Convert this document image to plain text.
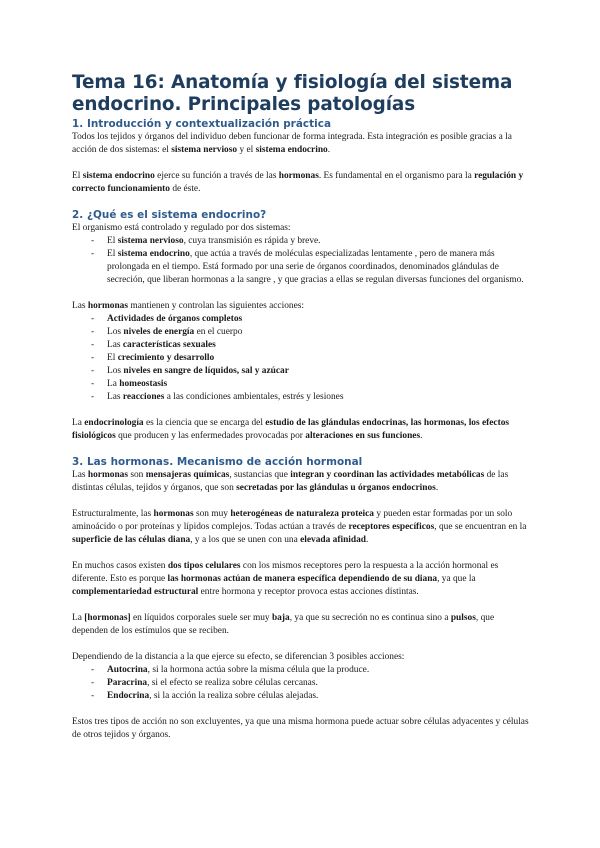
Tema 16: Anatomía y fisiología del sistema endocrino. Principales patologías
1. Introducción y contextualización práctica

Todos los tejidos y órganos del individuo deben funcionar de forma integrada. Esta integración es posible gracias a la acción de dos sistemas: el sistema nervioso y el sistema endocrino.

El sistema endocrino ejerce su función a través de las hormonas. Es fundamental en el organismo para la regulación y correcto funcionamiento de éste.

2. ¿Qué es el sistema endocrino?

El organismo está controlado y regulado por dos sistemas:

- El sistema nervioso, cuya transmisión es rápida y breve.
- El sistema endocrino, que actúa a través de moléculas especializadas lentamente , pero de manera más prolongada en el tiempo. Está formado por una serie de órganos coordinados, denominados glándulas de secreción, que liberan hormonas a la sangre , y que gracias a ellas se regulan diversas funciones del organismo.

Las hormonas mantienen y controlan las siguientes acciones:

- Actividades de órganos completos
- Los niveles de energía en el cuerpo
- Las características sexuales
- El crecimiento y desarrollo
- Los niveles en sangre de líquidos, sal y azúcar
- La homeostasis
- Las reacciones a las condiciones ambientales, estrés y lesiones

La endocrinología es la ciencia que se encarga del estudio de las glándulas endocrinas, las hormonas, los efectos fisiológicos que producen y las enfermedades provocadas por alteraciones en sus funciones.

3. Las hormonas. Mecanismo de acción hormonal

Las hormonas son mensajeras químicas, sustancias que integran y coordinan las actividades metabólicas de las distintas células, tejidos y órganos, que son secretadas por las glándulas u órganos endocrinos.

Estructuralmente, las hormonas son muy heterogéneas de naturaleza proteica y pueden estar formadas por un solo aminoácido o por proteínas y lípidos complejos. Todas actúan a través de receptores específicos, que se encuentran en la superficie de las células diana, y a los que se unen con una elevada afinidad.

En muchos casos existen dos tipos celulares con los mismos receptores pero la respuesta a la acción hormonal es diferente. Esto es porque las hormonas actúan de manera específica dependiendo de su diana, ya que la complementariedad estructural entre hormona y receptor provoca estas acciones distintas.

La [hormonas] en líquidos corporales suele ser muy baja, ya que su secreción no es continua sino a pulsos, que dependen de los estímulos que se reciben.

Dependiendo de la distancia a la que ejerce su efecto, se diferencian 3 posibles acciones:

- Autocrina, si la hormona actúa sobre la misma célula que la produce.
- Paracrina, si el efecto se realiza sobre células cercanas.
- Endocrina, si la acción la realiza sobre células alejadas.

Estos tres tipos de acción no son excluyentes, ya que una misma hormona puede actuar sobre células adyacentes y células de otros tejidos y órganos.
